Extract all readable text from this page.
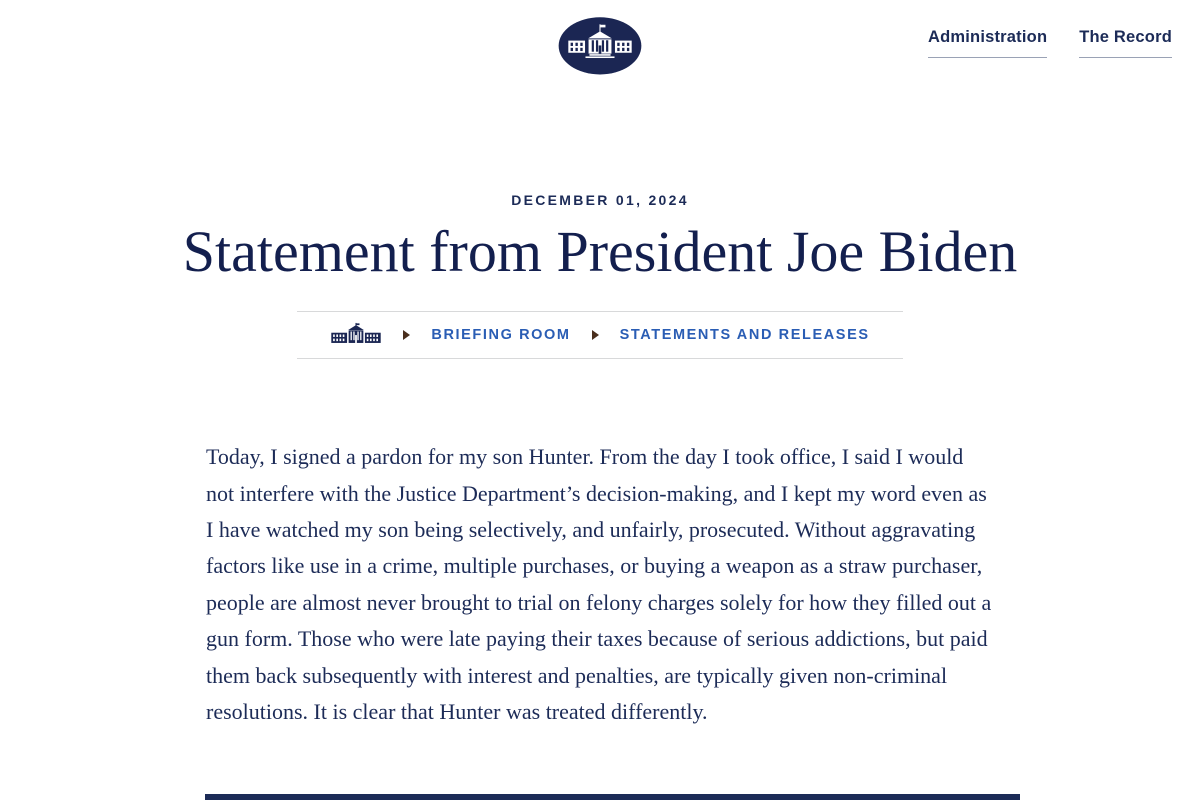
Administration The Record
DECEMBER 01, 2024
Statement from President Joe Biden
BRIEFING ROOM	STATEMENTS AND RELEASES

Today, I signed a pardon for my son Hunter. From the day I took office, I said I would not interfere with the Justice Department’s decision-making, and I kept my word even as I have watched my son being selectively, and unfairly, prosecuted. Without aggravating factors like use in a crime, multiple purchases, or buying a weapon as a straw purchaser, people are almost never brought to trial on felony charges solely for how they filled out a gun form. Those who were late paying their taxes because of serious addictions, but paid them back subsequently with interest and penalties, are typically given non-criminal resolutions. It is clear that Hunter was treated differently.
